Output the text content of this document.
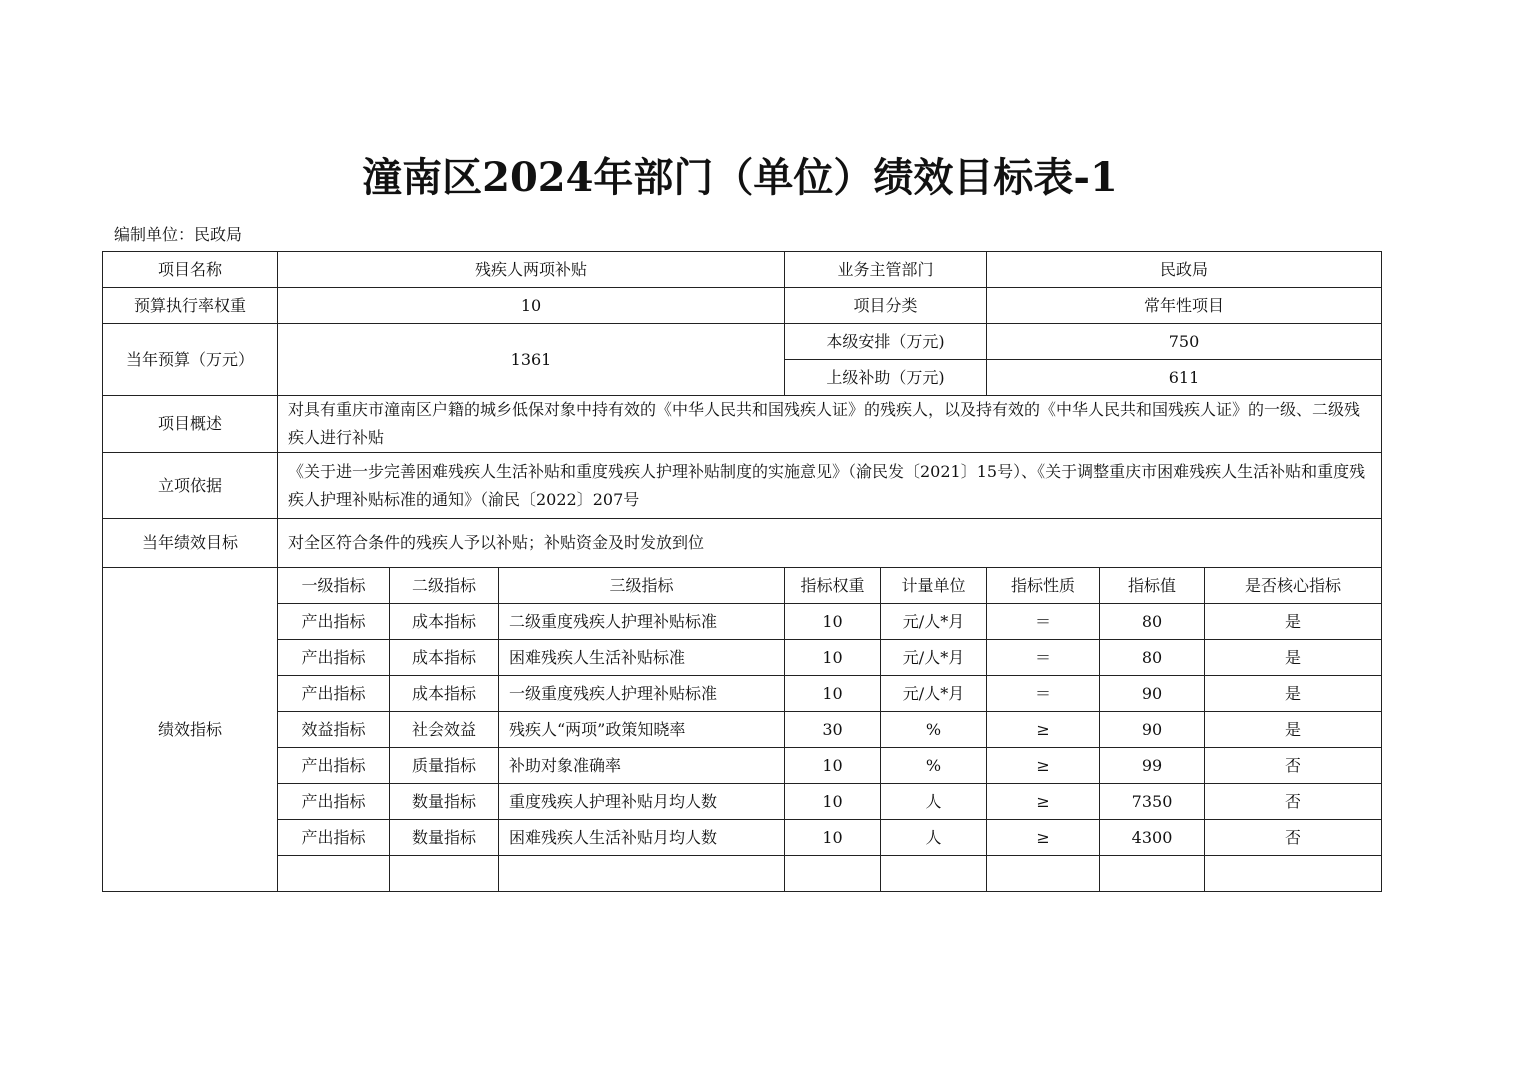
潼南区2024年部门（单位）绩效目标表-1
编制单位：民政局
项目名称	残疾人两项补贴			业务主管部门		民政局		
预算执行率权重	10			项目分类		常年性项目		
当年预算（万元）	1361			本级安排（万元)		750		
				上级补助（万元)		611		
项目概述	对具有重庆市潼南区户籍的城乡低保对象中持有效的《中华人民共和国残疾人证》的残疾人，以及持有效的《中华人民共和国残疾人证》的一级、二级残疾人进行补贴							
立项依据	《关于进一步完善困难残疾人生活补贴和重度残疾人护理补贴制度的实施意见》（渝民发〔2021〕15号）、《关于调整重庆市困难残疾人生活补贴和重度残疾人护理补贴标准的通知》（渝民〔2022〕207号							
当年绩效目标	对全区符合条件的残疾人予以补贴；补贴资金及时发放到位							
绩效指标	一级指标	二级指标	三级指标	指标权重	计量单位	指标性质	指标值	是否核心指标
	产出指标	成本指标	二级重度残疾人护理补贴标准	10	元/人*月	＝	80	是
	产出指标	成本指标	困难残疾人生活补贴标准	10	元/人*月	＝	80	是
	产出指标	成本指标	一级重度残疾人护理补贴标准	10	元/人*月	＝	90	是
	效益指标	社会效益	残疾人“两项”政策知晓率	30	%	≥	90	是
	产出指标	质量指标	补助对象准确率	10	%	≥	99	否
	产出指标	数量指标	重度残疾人护理补贴月均人数	10	人	≥	7350	否
	产出指标	数量指标	困难残疾人生活补贴月均人数	10	人	≥	4300	否
